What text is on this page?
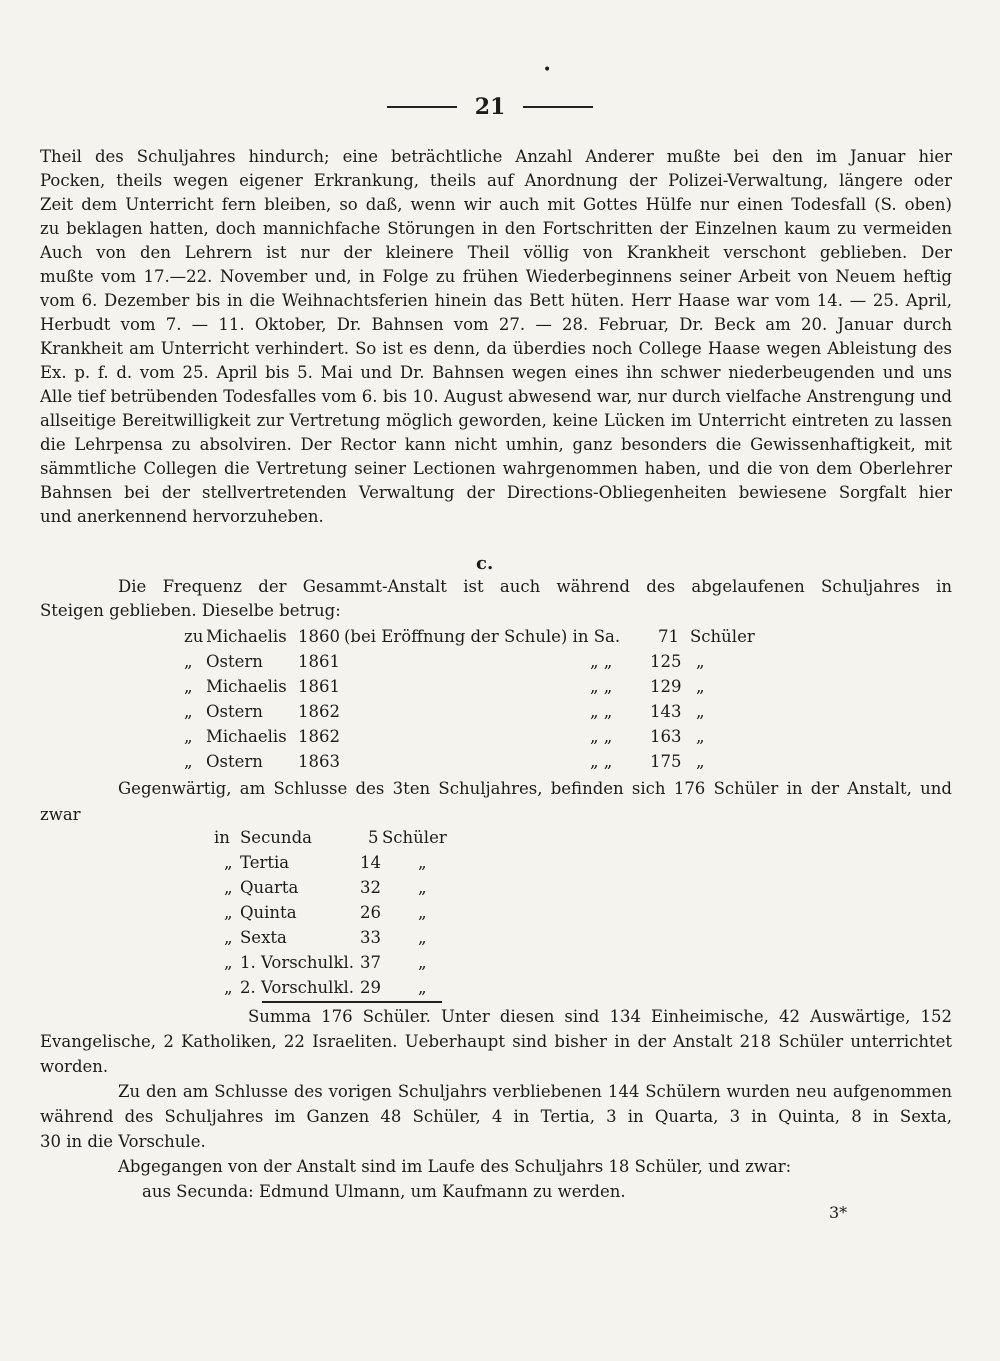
•
21
Theil des Schuljahres hindurch; eine beträchtliche Anzahl Anderer mußte bei den im Januar hier
Pocken, theils wegen eigener Erkrankung, theils auf Anordnung der Polizei-Verwaltung, längere oder
Zeit dem Unterricht fern bleiben, so daß, wenn wir auch mit Gottes Hülfe nur einen Todesfall (S. oben)
zu beklagen hatten, doch mannichfache Störungen in den Fortschritten der Einzelnen kaum zu vermeiden
Auch von den Lehrern ist nur der kleinere Theil völlig von Krankheit verschont geblieben. Der
mußte vom 17.—22. November und, in Folge zu frühen Wiederbeginnens seiner Arbeit von Neuem heftig
vom 6. Dezember bis in die Weihnachtsferien hinein das Bett hüten. Herr Haase war vom 14. — 25. April,
Herbudt vom 7. — 11. Oktober, Dr. Bahnsen vom 27. — 28. Februar, Dr. Beck am 20. Januar durch
Krankheit am Unterricht verhindert. So ist es denn, da überdies noch College Haase wegen Ableistung des
Ex. p. f. d. vom 25. April bis 5. Mai und Dr. Bahnsen wegen eines ihn schwer niederbeugenden und uns
Alle tief betrübenden Todesfalles vom 6. bis 10. August abwesend war, nur durch vielfache Anstrengung und
allseitige Bereitwilligkeit zur Vertretung möglich geworden, keine Lücken im Unterricht eintreten zu lassen
die Lehrpensa zu absolviren. Der Rector kann nicht umhin, ganz besonders die Gewissenhaftigkeit, mit
sämmtliche Collegen die Vertretung seiner Lectionen wahrgenommen haben, und die von dem Oberlehrer
Bahnsen bei der stellvertretenden Verwaltung der Directions-Obliegenheiten bewiesene Sorgfalt hier
und anerkennend hervorzuheben.
c.
Die Frequenz der Gesammt-Anstalt ist auch während des abgelaufenen Schuljahres in
Steigen geblieben. Dieselbe betrug:
zu Michaelis 1860 (bei Eröffnung der Schule) in Sa. 71 Schüler
„ Ostern 1861	„ „ 125 „
„ Michaelis 1861	„ „ 129 „
„ Ostern 1862	„ „ 143 „
„ Michaelis 1862	„ „ 163 „
„ Ostern 1863	„ „ 175 „
Gegenwärtig, am Schlusse des 3ten Schuljahres, befinden sich 176 Schüler in der Anstalt, und
zwar
in Secunda	5 Schüler
„ Tertia	14 „
„ Quarta	32 „
„ Quinta	26 „
„ Sexta	33 „
„ 1. Vorschulkl. 37 „
„ 2. Vorschulkl. 29 „
Summa 176 Schüler. Unter diesen sind 134 Einheimische, 42 Auswärtige, 152
Evangelische, 2 Katholiken, 22 Israeliten. Ueberhaupt sind bisher in der Anstalt 218 Schüler unterrichtet
worden.
Zu den am Schlusse des vorigen Schuljahrs verbliebenen 144 Schülern wurden neu aufgenommen
während des Schuljahres im Ganzen 48 Schüler, 4 in Tertia, 3 in Quarta, 3 in Quinta, 8 in Sexta,
30 in die Vorschule.
Abgegangen von der Anstalt sind im Laufe des Schuljahrs 18 Schüler, und zwar:
aus Secunda: Edmund Ulmann, um Kaufmann zu werden.
3*
